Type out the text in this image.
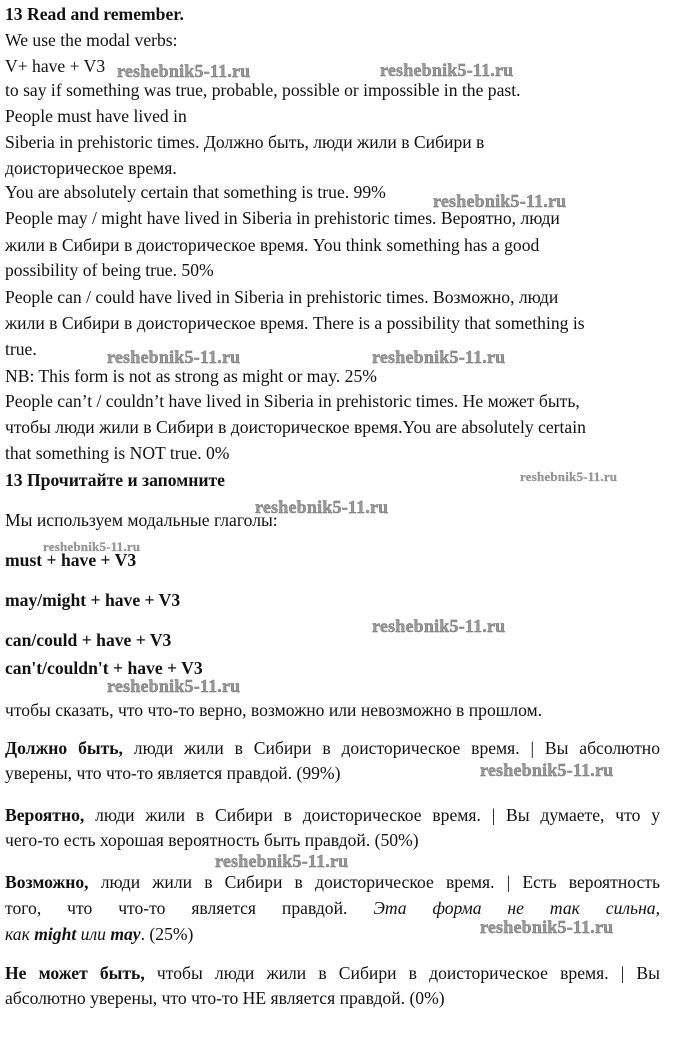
13 Read and remember.
We use the modal verbs:
V+ have + V3
to say if something was true, probable, possible or impossible in the past.
People must have lived in
Siberia in prehistoric times. Должно быть, люди жили в Сибири в
доисторическое время.
You are absolutely certain that something is true. 99%
People may / might have lived in Siberia in prehistoric times. Вероятно, люди
жили в Сибири в доисторическое время. You think something has a good
possibility of being true. 50%
People can / could have lived in Siberia in prehistoric times. Возможно, люди
жили в Сибири в доисторическое время. There is a possibility that something is
true.
NB: This form is not as strong as might or may. 25%
People can’t / couldn’t have lived in Siberia in prehistoric times. Не может быть,
чтобы люди жили в Сибири в доисторическое время.You are absolutely certain
that something is NOT true. 0%
13 Прочитайте и запомните
Мы используем модальные глаголы:
must + have + V3
may/might + have + V3
can/could + have + V3
can't/couldn't + have + V3
чтобы сказать, что что-то верно, возможно или невозможно в прошлом.
Должно быть, люди жили в Сибири в доисторическое время. | Вы абсолютно
уверены, что что-то является правдой. (99%)
Вероятно, люди жили в Сибири в доисторическое время. | Вы думаете, что у
чего-то есть хорошая вероятность быть правдой. (50%)
Возможно, люди жили в Сибири в доисторическое время. | Есть вероятность
того, что что-то является правдой. Эта форма не так сильна,
как might или may. (25%)
Не может быть, чтобы люди жили в Сибири в доисторическое время. | Вы
абсолютно уверены, что что-то НЕ является правдой. (0%)
reshebnik5-11.ru	reshebnik5-11.ru
reshebnik5-11.ru
reshebnik5-11.ru	reshebnik5-11.ru
reshebnik5-11.ru
reshebnik5-11.ru
reshebnik5-11.ru
reshebnik5-11.ru
reshebnik5-11.ru
reshebnik5-11.ru
reshebnik5-11.ru
reshebnik5-11.ru
